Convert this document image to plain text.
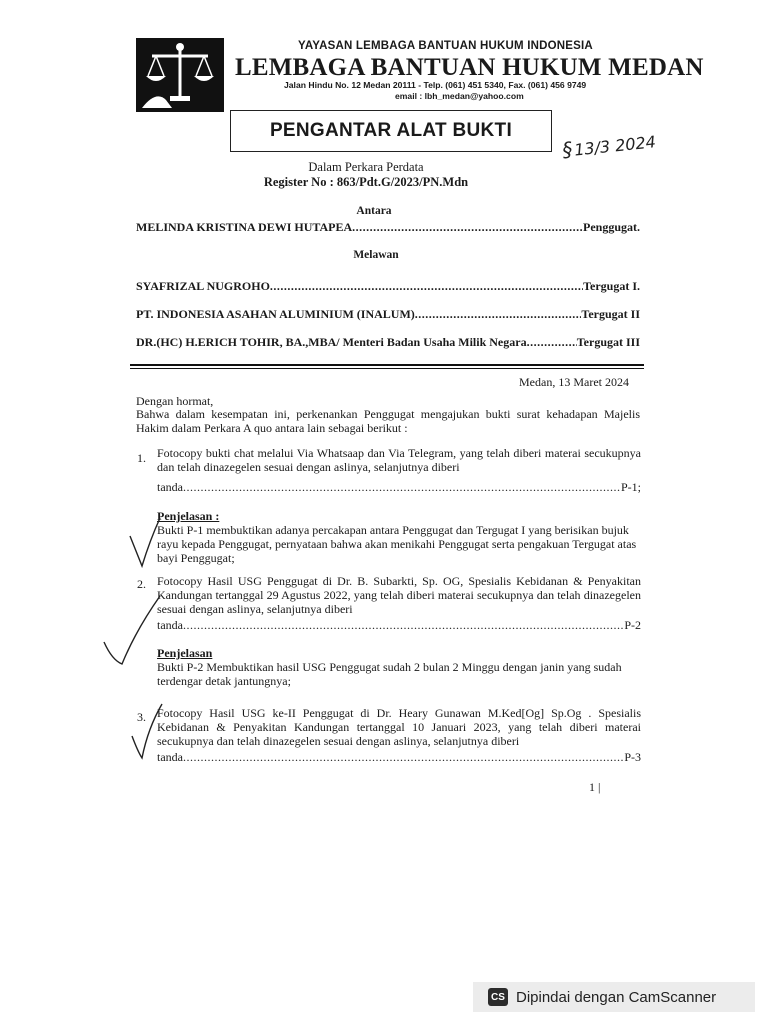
YAYASAN LEMBAGA BANTUAN HUKUM INDONESIA
LEMBAGA BANTUAN HUKUM MEDAN
Jalan Hindu No. 12 Medan 20111 - Telp. (061) 451 5340, Fax. (061) 456 9749
email : lbh_medan@yahoo.com
PENGANTAR ALAT BUKTI
§13/3 2024
Dalam Perkara Perdata
Register No : 863/Pdt.G/2023/PN.Mdn
Antara
MELINDA KRISTINA DEWI HUTAPEA .....	Penggugat.
Melawan
SYAFRIZAL NUGROHO .....	Tergugat I.
PT. INDONESIA ASAHAN ALUMINIUM (INALUM) .....	Tergugat II
DR.(HC) H.ERICH TOHIR, BA.,MBA/ Menteri Badan Usaha Milik Negara .....	Tergugat III
Medan, 13 Maret 2024
Dengan hormat,
Bahwa dalam kesempatan ini, perkenankan Penggugat mengajukan bukti surat kehadapan Majelis Hakim dalam Perkara A quo antara lain sebagai berikut :
1. Fotocopy bukti chat melalui Via Whatsaap dan Via Telegram, yang telah diberi materai secukupnya dan telah dinazegelen sesuai dengan aslinya, selanjutnya diberi
tanda .....	P-1;
Penjelasan :
Bukti P-1 membuktikan adanya percakapan antara Penggugat dan Tergugat I yang berisikan bujuk rayu kepada Penggugat, pernyataan bahwa akan menikahi Penggugat serta pengakuan Tergugat atas bayi Penggugat;
2. Fotocopy Hasil USG Penggugat di Dr. B. Subarkti, Sp. OG, Spesialis Kebidanan & Penyakitan Kandungan tertanggal 29 Agustus 2022, yang telah diberi materai secukupnya dan telah dinazegelen sesuai dengan aslinya, selanjutnya diberi
tanda .....	P-2
Penjelasan
Bukti P-2 Membuktikan hasil USG Penggugat sudah 2 bulan 2 Minggu dengan janin yang sudah terdengar detak jantungnya;
3. Fotocopy Hasil USG ke-II Penggugat di Dr. Heary Gunawan M.Ked[Og] Sp.Og . Spesialis Kebidanan & Penyakitan Kandungan tertanggal 10 Januari 2023, yang telah diberi materai secukupnya dan telah dinazegelen sesuai dengan aslinya, selanjutnya diberi
tanda .....	P-3
1 |
CS Dipindai dengan CamScanner
